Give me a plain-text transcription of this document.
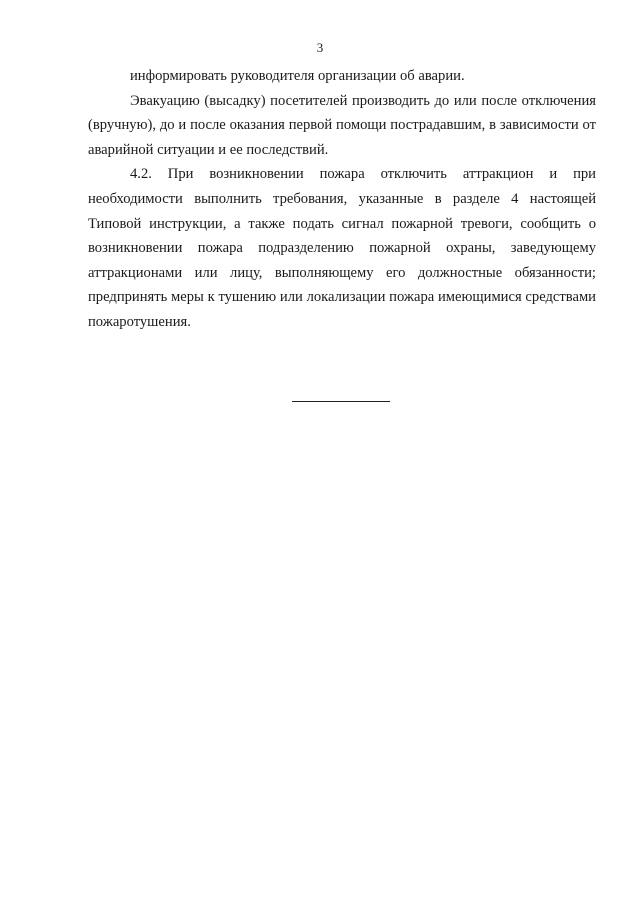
3

информировать руководителя организации об аварии.

Эвакуацию (высадку) посетителей производить до или после отключения (вручную), до и после оказания первой помощи пострадавшим, в зависимости от аварийной ситуации и ее последствий.

4.2. При возникновении пожара отключить аттракцион и при необходимости выполнить требования, указанные в разделе 4 настоящей Типовой инструкции, а также подать сигнал пожарной тревоги, сообщить о возникновении пожара подразделению пожарной охраны, заведующему аттракционами или лицу, выполняющему его должностные обязанности; предпринять меры к тушению или локализации пожара имеющимися средствами пожаротушения.
